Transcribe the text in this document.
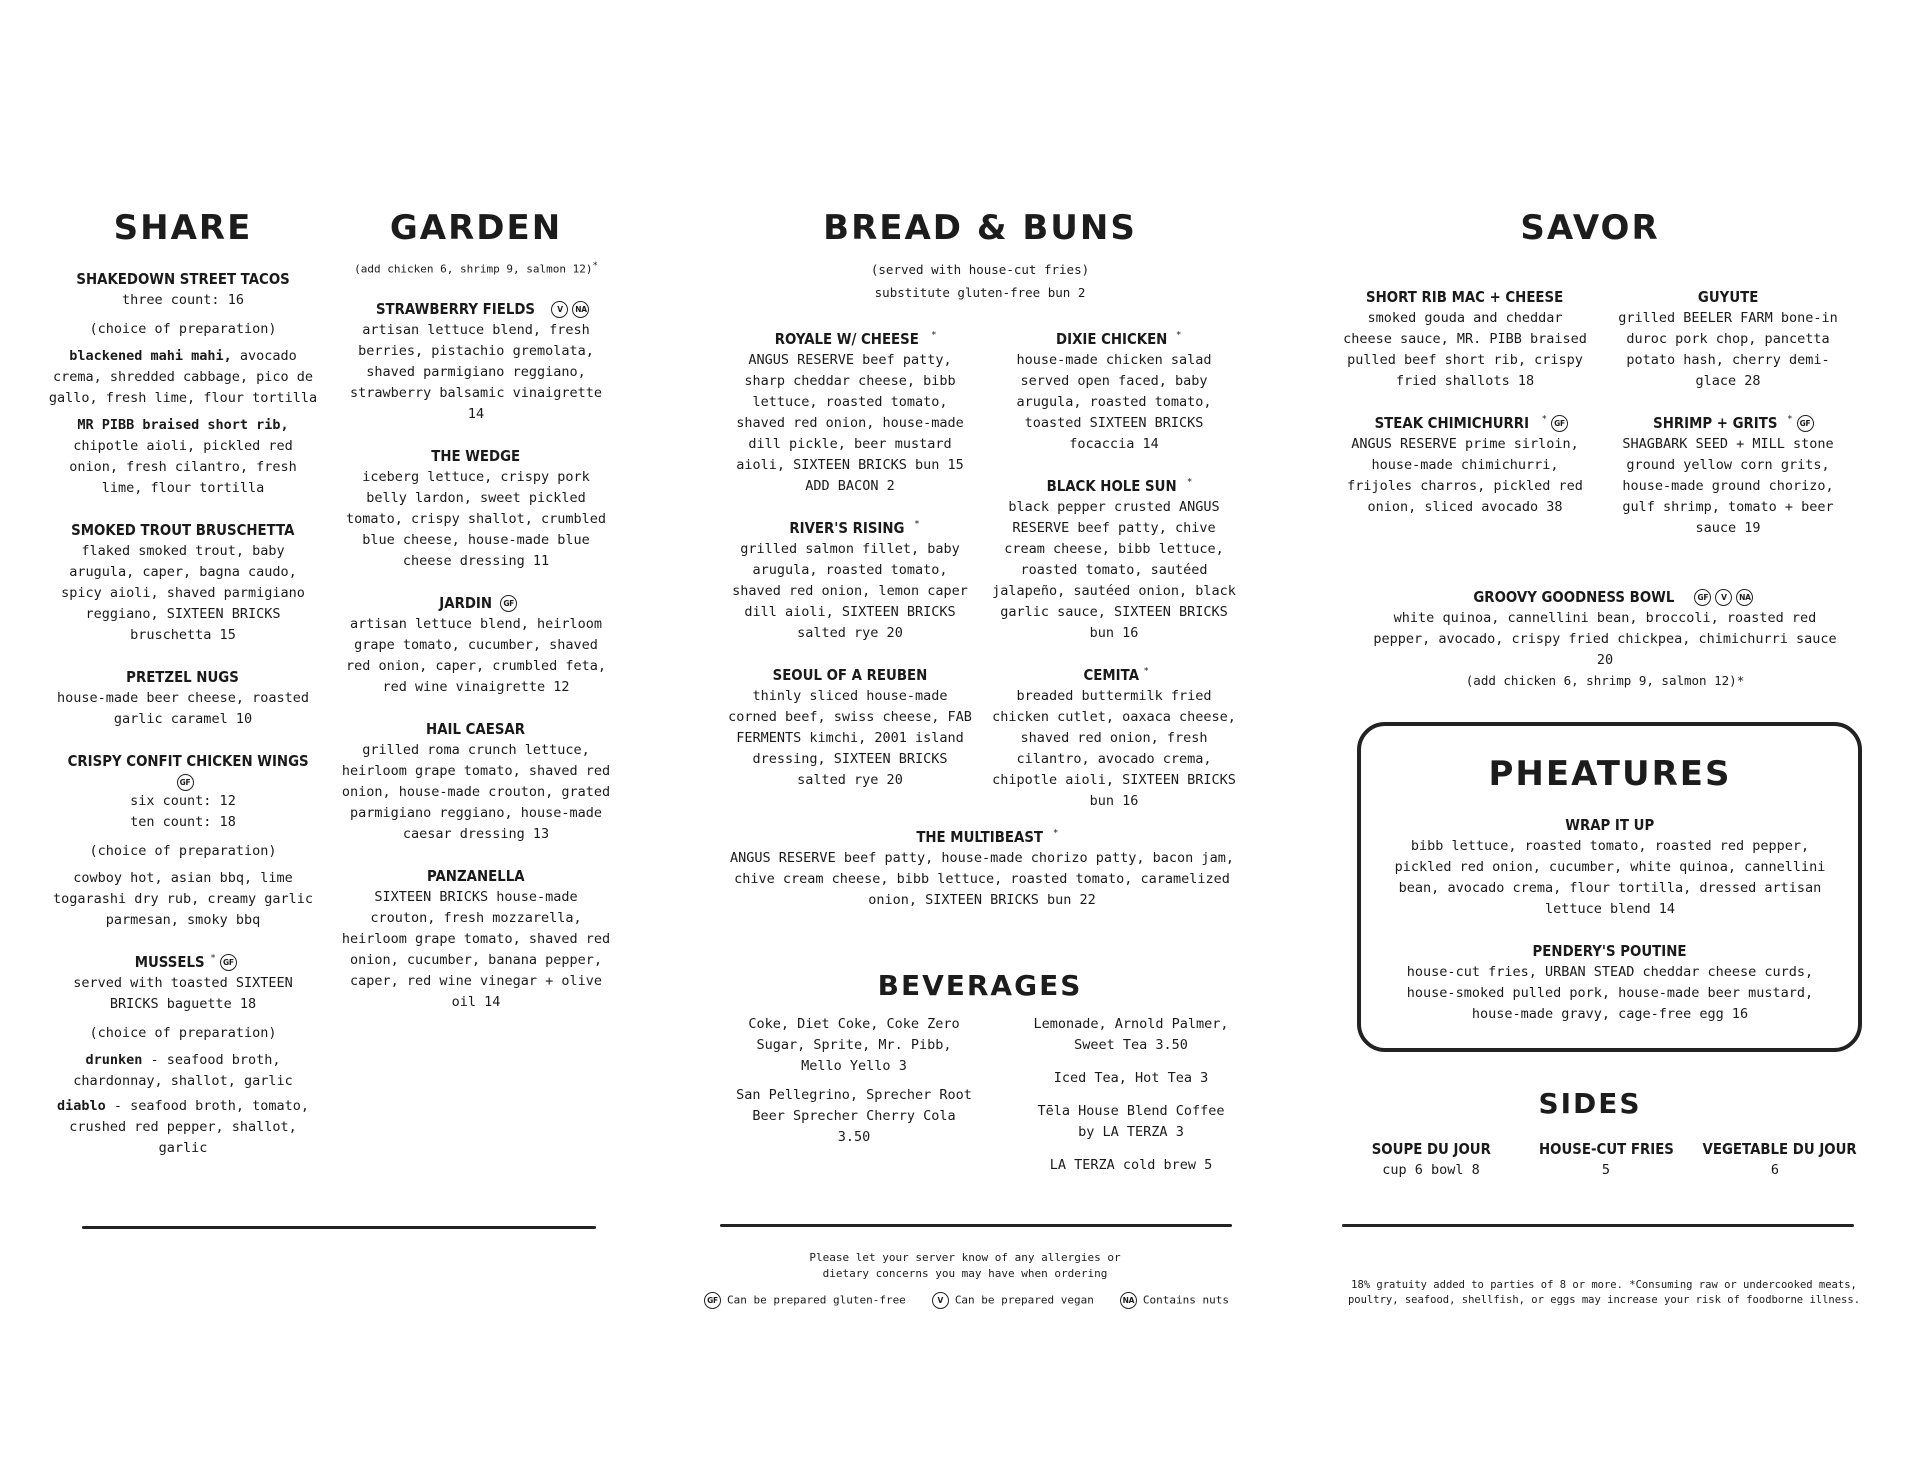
SHARE
SHAKEDOWN STREET TACOS
three count: 16
(choice of preparation)
blackened mahi mahi, avocado crema, shredded cabbage, pico de gallo, fresh lime, flour tortilla
MR PIBB braised short rib, chipotle aioli, pickled red onion, fresh cilantro, fresh lime, flour tortilla
SMOKED TROUT BRUSCHETTA
flaked smoked trout, baby arugula, caper, bagna caudo, spicy aioli, shaved parmigiano reggiano, SIXTEEN BRICKS bruschetta 15
PRETZEL NUGS
house-made beer cheese, roasted garlic caramel 10
CRISPY CONFIT CHICKEN WINGSGF
six count: 12
ten count: 18
(choice of preparation)
cowboy hot, asian bbq, lime togarashi dry rub, creamy garlic parmesan, smoky bbq
MUSSELS * GF
served with toasted SIXTEEN BRICKS baguette 18
(choice of preparation)
drunken - seafood broth, chardonnay, shallot, garlic
diablo - seafood broth, tomato, crushed red pepper, shallot, garlic
GARDEN
(add chicken 6, shrimp 9, salmon 12)*
STRAWBERRY FIELDS	V NA
artisan lettuce blend, fresh berries, pistachio gremolata, shaved parmigiano reggiano, strawberry balsamic vinaigrette 14
THE WEDGE
iceberg lettuce, crispy pork belly lardon, sweet pickled tomato, crispy shallot, crumbled blue cheese, house-made blue cheese dressing 11
JARDIN GF
artisan lettuce blend, heirloom grape tomato, cucumber, shaved red onion, caper, crumbled feta, red wine vinaigrette 12
HAIL CAESAR
grilled roma crunch lettuce, heirloom grape tomato, shaved red onion, house-made crouton, grated parmigiano reggiano, house-made caesar dressing 13
PANZANELLA
SIXTEEN BRICKS house-made crouton, fresh mozzarella, heirloom grape tomato, shaved red onion, cucumber, banana pepper, caper, red wine vinegar + olive oil 14
BREAD & BUNS
(served with house-cut fries)
substitute gluten-free bun 2
ROYALE W/ CHEESE *
ANGUS RESERVE beef patty, sharp cheddar cheese, bibb lettuce, roasted tomato, shaved red onion, house-made dill pickle, beer mustard aioli, SIXTEEN BRICKS bun 15
ADD BACON 2
RIVER'S RISING *
grilled salmon fillet, baby arugula, roasted tomato, shaved red onion, lemon caper dill aioli, SIXTEEN BRICKS salted rye 20
SEOUL OF A REUBEN
thinly sliced house-made corned beef, swiss cheese, FAB FERMENTS kimchi, 2001 island dressing, SIXTEEN BRICKS salted rye 20
DIXIE CHICKEN *
house-made chicken salad served open faced, baby arugula, roasted tomato, toasted SIXTEEN BRICKS focaccia 14
BLACK HOLE SUN *
black pepper crusted ANGUS RESERVE beef patty, chive cream cheese, bibb lettuce, roasted tomato, sautéed jalapeño, sautéed onion, black garlic sauce, SIXTEEN BRICKS bun 16
CEMITA *
breaded buttermilk fried chicken cutlet, oaxaca cheese, shaved red onion, fresh cilantro, avocado crema, chipotle aioli, SIXTEEN BRICKS bun 16
THE MULTIBEAST *
ANGUS RESERVE beef patty, house-made chorizo patty, bacon jam, chive cream cheese, bibb lettuce, roasted tomato, caramelized onion, SIXTEEN BRICKS bun 22
BEVERAGES
Coke, Diet Coke, Coke Zero Sugar, Sprite, Mr. Pibb, Mello Yello 3
San Pellegrino, Sprecher Root Beer Sprecher Cherry Cola 3.50
Lemonade, Arnold Palmer, Sweet Tea 3.50
Iced Tea, Hot Tea 3
Tēla House Blend Coffee by LA TERZA 3
LA TERZA cold brew 5
SAVOR
SHORT RIB MAC + CHEESE
smoked gouda and cheddar cheese sauce, MR. PIBB braised pulled beef short rib, crispy fried shallots 18
STEAK CHIMICHURRI * GF
ANGUS RESERVE prime sirloin, house-made chimichurri, frijoles charros, pickled red onion, sliced avocado 38
GUYUTE
grilled BEELER FARM bone-in duroc pork chop, pancetta potato hash, cherry demi-glace 28
SHRIMP + GRITS * GF
SHAGBARK SEED + MILL stone ground yellow corn grits, house-made ground chorizo, gulf shrimp, tomato + beer sauce 19
GROOVY GOODNESS BOWL	GF V NA
white quinoa, cannellini bean, broccoli, roasted red pepper, avocado, crispy fried chickpea, chimichurri sauce 20
(add chicken 6, shrimp 9, salmon 12)*
PHEATURES
WRAP IT UP
bibb lettuce, roasted tomato, roasted red pepper, pickled red onion, cucumber, white quinoa, cannellini bean, avocado crema, flour tortilla, dressed artisan lettuce blend 14
PENDERY'S POUTINE
house-cut fries, URBAN STEAD cheddar cheese curds, house-smoked pulled pork, house-made beer mustard, house-made gravy, cage-free egg 16
SIDES
SOUPE DU JOUR
cup 6 bowl 8
HOUSE-CUT FRIES
5
VEGETABLE DU JOUR
6
Please let your server know of any allergies or dietary concerns you may have when ordering
GF Can be prepared gluten-free	V Can be prepared vegan	NA Contains nuts
18% gratuity added to parties of 8 or more. *Consuming raw or undercooked meats, poultry, seafood, shellfish, or eggs may increase your risk of foodborne illness.
